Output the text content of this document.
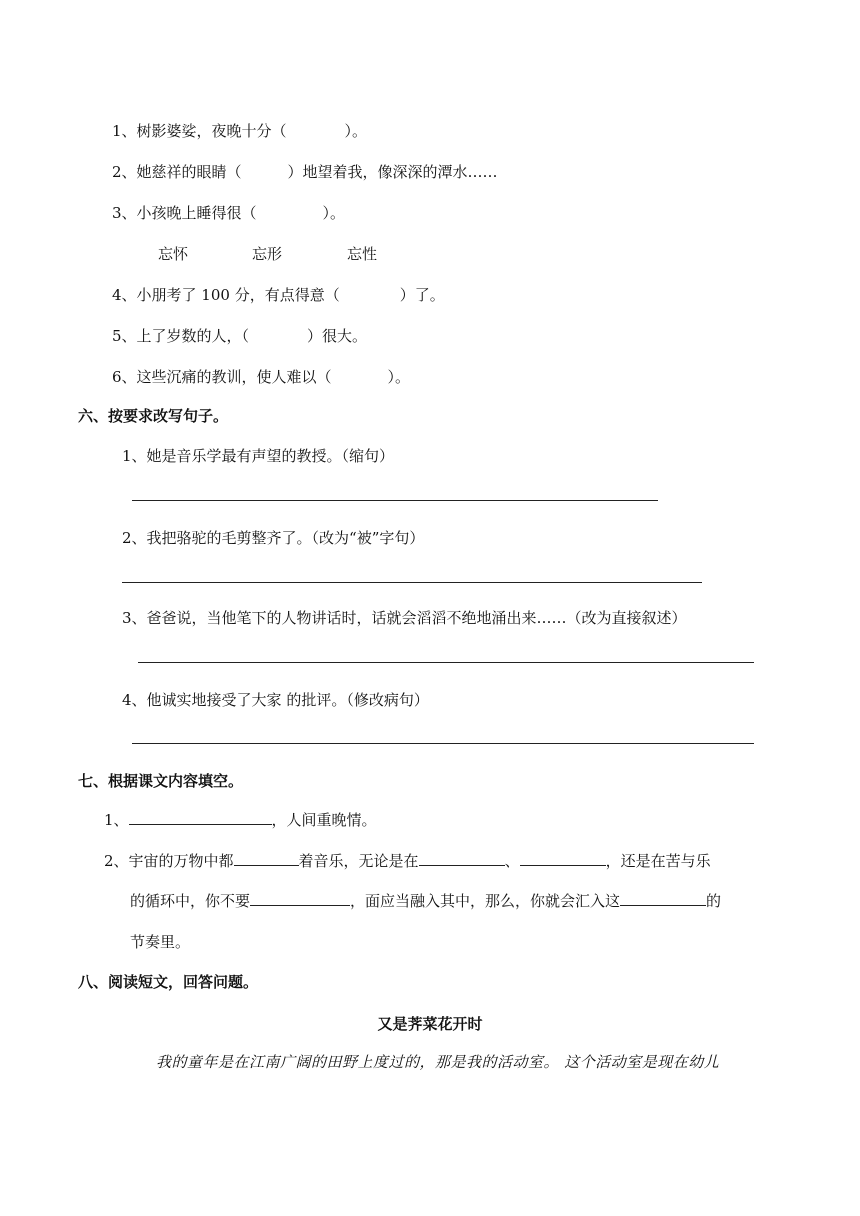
1、树影婆娑，夜晚十分（	）。
2、她慈祥的眼睛（	）地望着我，像深深的潭水……
3、小孩晚上睡得很（	）。
忘怀	忘形	忘性
4、小朋考了 100 分，有点得意（	）了。
5、上了岁数的人，（	）很大。
6、这些沉痛的教训，使人难以（	）。
六、按要求改写句子。
1、她是音乐学最有声望的教授。（缩句）
2、我把骆驼的毛剪整齐了。（改为“被”字句）
3、爸爸说，当他笔下的人物讲话时，话就会滔滔不绝地涌出来……（改为直接叙述）
4、他诚实地接受了大家 的批评。（修改病句）
七、根据课文内容填空。
1、	，人间重晚情。
2、宇宙的万物中都	着音乐，无论是在	、	，还是在苦与乐
的循环中，你不要	，面应当融入其中，那么，你就会汇入这	的
节奏里。
八、阅读短文，回答问题。
又是荠菜花开时
我的童年是在江南广阔的田野上度过的，那是我的活动室。 这个活动室是现在幼儿
